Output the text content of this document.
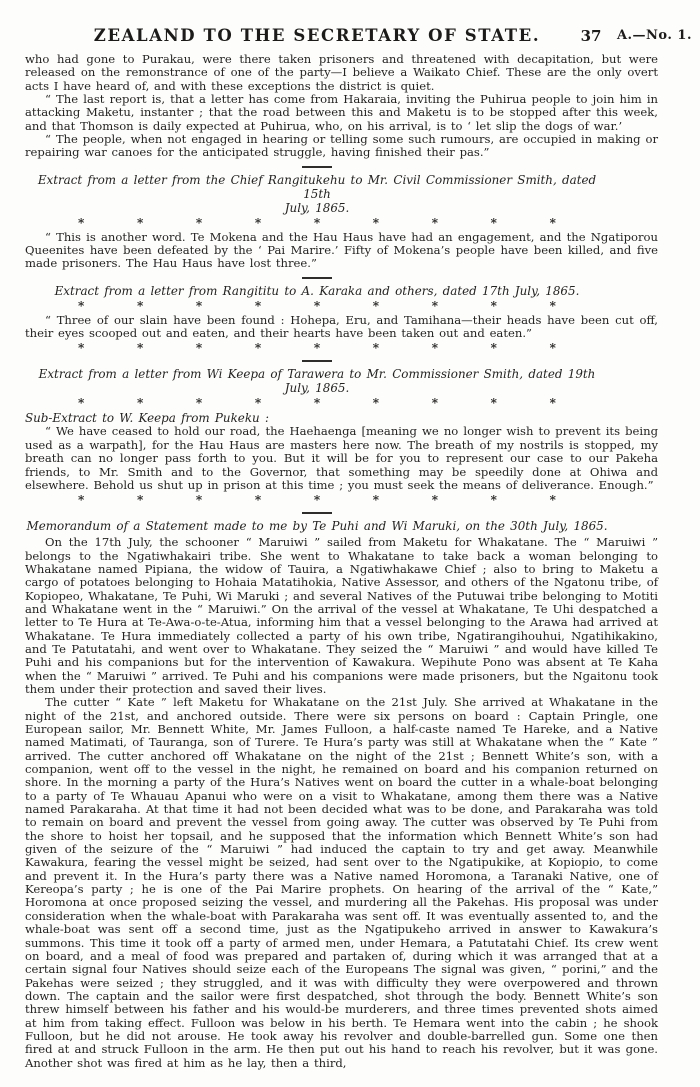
ZEALAND TO THE SECRETARY OF STATE.	37	A.—No. 1.

who had gone to Purakau, were there taken prisoners and threatened with decapitation, but were released on the remonstrance of one of the party—I believe a Waikato Chief. These are the only overt acts I have heard of, and with these exceptions the district is quiet.

“ The last report is, that a letter has come from Hakaraia, inviting the Puhirua people to join him in attacking Maketu, instanter ; that the road between this and Maketu is to be stopped after this week, and that Thomson is daily expected at Puhirua, who, on his arrival, is to ‘ let slip the dogs of war.’

“ The people, when not engaged in hearing or telling some such rumours, are occupied in making or repairing war canoes for the anticipated struggle, having finished their pas.”

Extract from a letter from the Chief Rangitukehu to Mr. Civil Commissioner Smith, dated 15th
July, 1865.
*	*	*	*	*	*	*	*	*

“ This is another word. Te Mokena and the Hau Haus have had an engagement, and the Ngatiporou Queenites have been defeated by the ‘ Pai Marire.’ Fifty of Mokena’s people have been killed, and five made prisoners. The Hau Haus have lost three.”

Extract from a letter from Rangititu to A. Karaka and others, dated 17th July, 1865.
*	*	*	*	*	*	*	*	*

“ Three of our slain have been found : Hohepa, Eru, and Tamihana—their heads have been cut off, their eyes scooped out and eaten, and their hearts have been taken out and eaten.”

*	*	*	*	*	*	*	*	*
Extract from a letter from Wi Keepa of Tarawera to Mr. Commissioner Smith, dated 19th July, 1865.
*	*	*	*	*	*	*	*	*
Sub-Extract to W. Keepa from Pukeku :

“ We have ceased to hold our road, the Haehaenga [meaning we no longer wish to prevent its being used as a warpath], for the Hau Haus are masters here now. The breath of my nostrils is stopped, my breath can no longer pass forth to you. But it will be for you to represent our case to our Pakeha friends, to Mr. Smith and to the Governor, that something may be speedily done at Ohiwa and elsewhere. Behold us shut up in prison at this time ; you must seek the means of deliverance. Enough.”

*	*	*	*	*	*	*	*	*
Memorandum of a Statement made to me by Te Puhi and Wi Maruki, on the 30th July, 1865.

On the 17th July, the schooner “ Maruiwi ” sailed from Maketu for Whakatane. The “ Maruiwi ” belongs to the Ngatiwhakairi tribe. She went to Whakatane to take back a woman belonging to Whakatane named Pipiana, the widow of Tauira, a Ngatiwhakawe Chief ; also to bring to Maketu a cargo of potatoes belonging to Hohaia Matatihokia, Native Assessor, and others of the Ngatonu tribe, of Kopiopeo, Whakatane, Te Puhi, Wi Maruki ; and several Natives of the Putuwai tribe belonging to Motiti and Whakatane went in the “ Maruiwi.” On the arrival of the vessel at Whakatane, Te Uhi despatched a letter to Te Hura at Te-Awa-o-te-Atua, informing him that a vessel belonging to the Arawa had arrived at Whakatane. Te Hura immediately collected a party of his own tribe, Ngatirangihouhui, Ngatihikakino, and Te Patutatahi, and went over to Whakatane. They seized the “ Maruiwi ” and would have killed Te Puhi and his companions but for the intervention of Kawakura. Wepihute Pono was absent at Te Kaha when the “ Maruiwi ” arrived. Te Puhi and his companions were made prisoners, but the Ngaitonu took them under their protection and saved their lives.

The cutter “ Kate ” left Maketu for Whakatane on the 21st July. She arrived at Whakatane in the night of the 21st, and anchored outside. There were six persons on board : Captain Pringle, one European sailor, Mr. Bennett White, Mr. James Fulloon, a half-caste named Te Hareke, and a Native named Matimati, of Tauranga, son of Turere. Te Hura’s party was still at Whakatane when the “ Kate ” arrived. The cutter anchored off Whakatane on the night of the 21st ; Bennett White’s son, with a companion, went off to the vessel in the night, he remained on board and his companion returned on shore. In the morning a party of the Hura’s Natives went on board the cutter in a whale-boat belonging to a party of Te Whauau Apanui who were on a visit to Whakatane, among them there was a Native named Parakaraha. At that time it had not been decided what was to be done, and Parakaraha was told to remain on board and prevent the vessel from going away. The cutter was observed by Te Puhi from the shore to hoist her topsail, and he supposed that the information which Bennett White’s son had given of the seizure of the “ Maruiwi ” had induced the captain to try and get away. Meanwhile Kawakura, fearing the vessel might be seized, had sent over to the Ngatipukike, at Kopiopio, to come and prevent it. In the Hura’s party there was a Native named Horomona, a Taranaki Native, one of Kereopa’s party ; he is one of the Pai Marire prophets. On hearing of the arrival of the “ Kate,” Horomona at once proposed seizing the vessel, and murdering all the Pakehas. His proposal was under consideration when the whale-boat with Parakaraha was sent off. It was eventually assented to, and the whale-boat was sent off a second time, just as the Ngatipukeho arrived in answer to Kawakura’s summons. This time it took off a party of armed men, under Hemara, a Patutatahi Chief. Its crew went on board, and a meal of food was prepared and partaken of, during which it was arranged that at a certain signal four Natives should seize each of the Europeans The signal was given, “ porini,” and the Pakehas were seized ; they struggled, and it was with difficulty they were overpowered and thrown down. The captain and the sailor were first despatched, shot through the body. Bennett White’s son threw himself between his father and his would-be murderers, and three times prevented shots aimed at him from taking effect. Fulloon was below in his berth. Te Hemara went into the cabin ; he shook Fulloon, but he did not arouse. He took away his revolver and double-barrelled gun. Some one then fired at and struck Fulloon in the arm. He then put out his hand to reach his revolver, but it was gone. Another shot was fired at him as he lay, then a third,
